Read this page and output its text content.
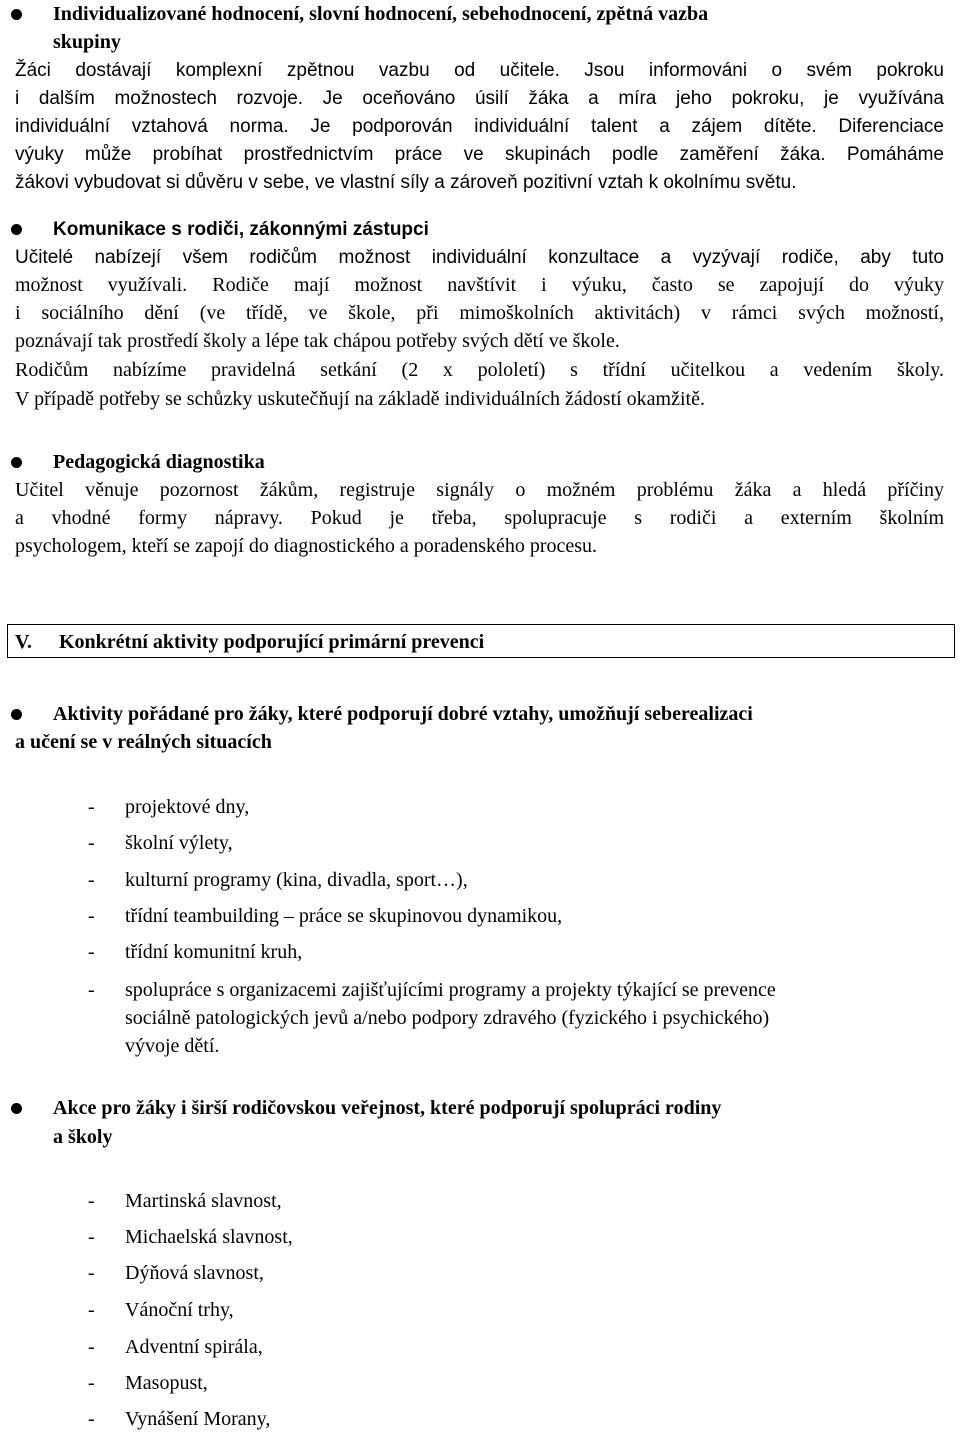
Individualizované hodnocení, slovní hodnocení, sebehodnocení, zpětná vazba
skupiny
Žáci dostávají komplexní zpětnou vazbu od učitele. Jsou informováni o svém pokroku
i dalším možnostech rozvoje. Je oceňováno úsilí žáka a míra jeho pokroku, je využívána
individuální vztahová norma. Je podporován individuální talent a zájem dítěte. Diferenciace
výuky může probíhat prostřednictvím práce ve skupinách podle zaměření žáka. Pomáháme
žákovi vybudovat si důvěru v sebe, ve vlastní síly a zároveň pozitivní vztah k okolnímu světu.
Komunikace s rodiči, zákonnými zástupci
Učitelé nabízejí všem rodičům možnost individuální konzultace a vyzývají rodiče, aby tuto
možnost využívali. Rodiče mají možnost navštívit i výuku, často se zapojují do výuky
i sociálního dění (ve třídě, ve škole, při mimoškolních aktivitách) v rámci svých možností,
poznávají tak prostředí školy a lépe tak chápou potřeby svých dětí ve škole.
Rodičům nabízíme pravidelná setkání (2 x pololetí) s třídní učitelkou a vedením školy.
V případě potřeby se schůzky uskutečňují na základě individuálních žádostí okamžitě.
Pedagogická diagnostika
Učitel věnuje pozornost žákům, registruje signály o možném problému žáka a hledá příčiny
a vhodné formy nápravy. Pokud je třeba, spolupracuje s rodiči a externím školním
psychologem, kteří se zapojí do diagnostického a poradenského procesu.
V. Konkrétní aktivity podporující primární prevenci
Aktivity pořádané pro žáky, které podporují dobré vztahy, umožňují seberealizaci
a učení se v reálných situacích
- projektové dny,
- školní výlety,
- kulturní programy (kina, divadla, sport…),
- třídní teambuilding – práce se skupinovou dynamikou,
- třídní komunitní kruh,
- spolupráce s organizacemi zajišťujícími programy a projekty týkající se prevence
sociálně patologických jevů a/nebo podpory zdravého (fyzického i psychického)
vývoje dětí.
Akce pro žáky i širší rodičovskou veřejnost, které podporují spolupráci rodiny
a školy
- Martinská slavnost,
- Michaelská slavnost,
- Dýňová slavnost,
- Vánoční trhy,
- Adventní spirála,
- Masopust,
- Vynášení Morany,
